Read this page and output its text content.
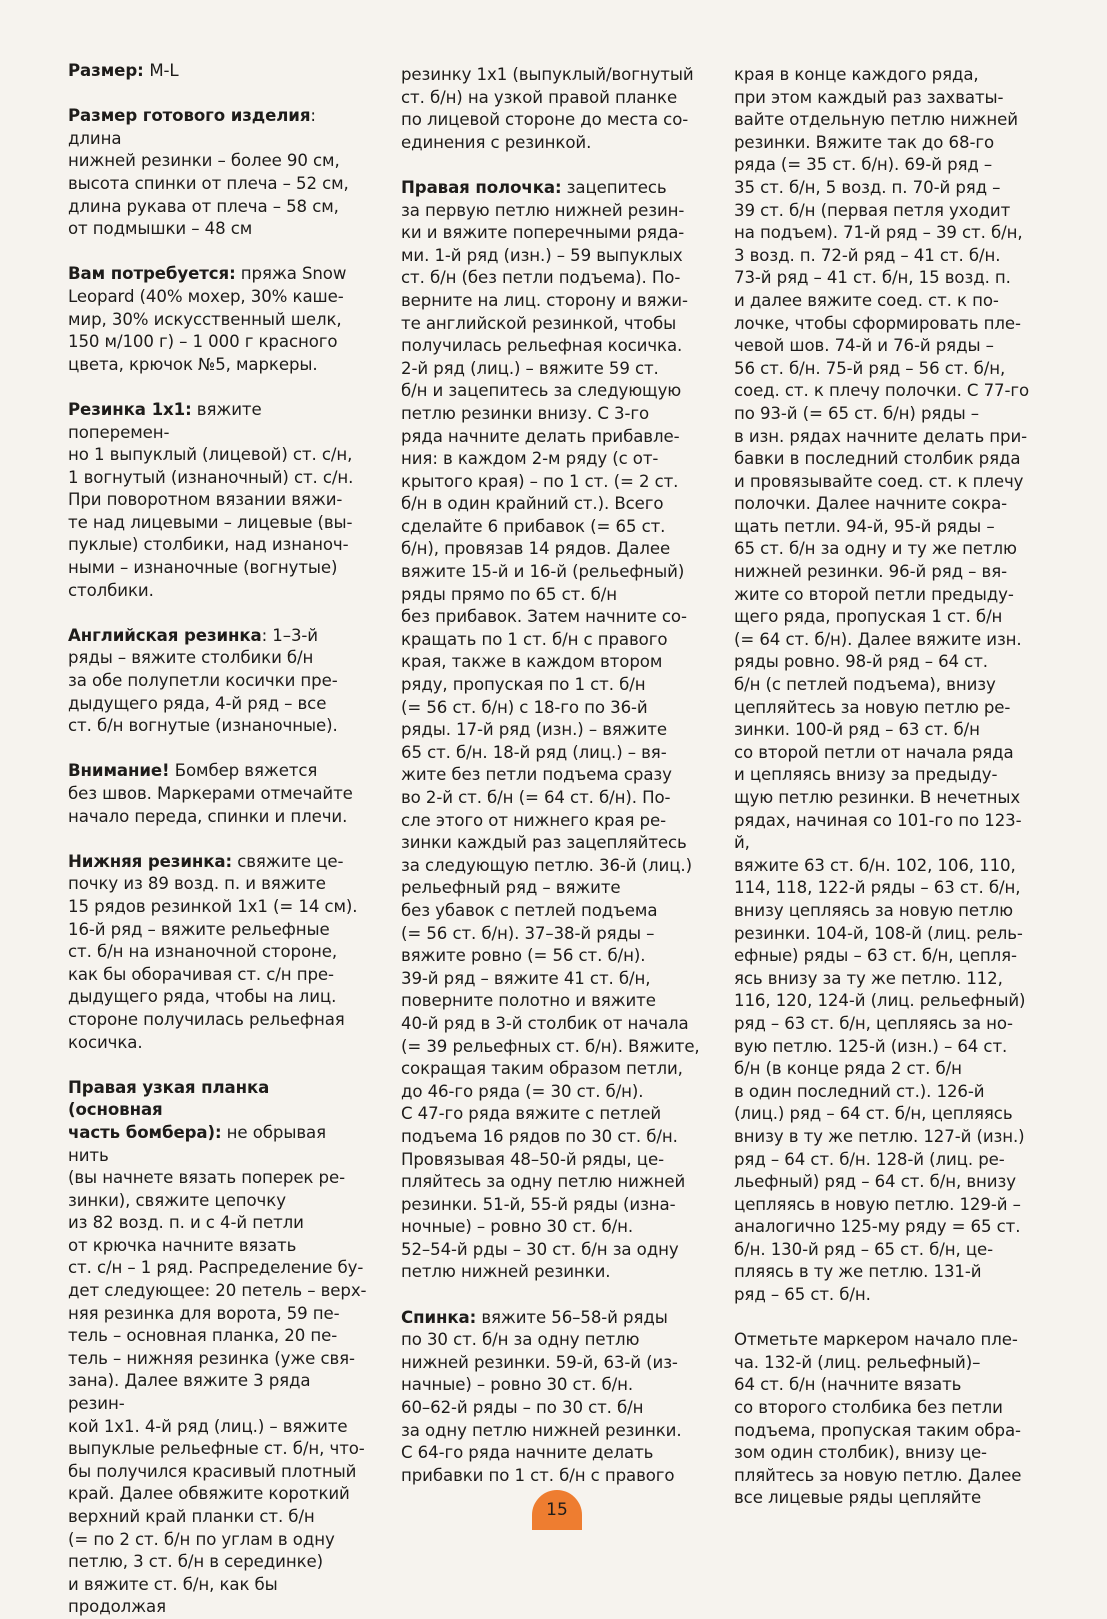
Размер: M-L

Размер готового изделия: длина
нижней резинки – более 90 см,
высота спинки от плеча – 52 см,
длина рукава от плеча – 58 см,
от подмышки – 48 см

Вам потребуется: пряжа Snow
Leopard (40% мохер, 30% каше-
мир, 30% искусственный шелк,
150 м/100 г) – 1 000 г красного
цвета, крючок №5, маркеры.

Резинка 1х1: вяжите поперемен-
но 1 выпуклый (лицевой) ст. с/н,
1 вогнутый (изнаночный) ст. с/н.
При поворотном вязании вяжи-
те над лицевыми – лицевые (вы-
пуклые) столбики, над изнаноч-
ными – изнаночные (вогнутые)
столбики.

Английская резинка: 1–3-й
ряды – вяжите столбики б/н
за обе полупетли косички пре-
дыдущего ряда, 4-й ряд – все
ст. б/н вогнутые (изнаночные).

Внимание! Бомбер вяжется
без швов. Маркерами отмечайте
начало переда, спинки и плечи.

Нижняя резинка: свяжите це-
почку из 89 возд. п. и вяжите
15 рядов резинкой 1х1 (= 14 см).
16-й ряд – вяжите рельефные
ст. б/н на изнаночной стороне,
как бы оборачивая ст. с/н пре-
дыдущего ряда, чтобы на лиц.
стороне получилась рельефная
косичка.

Правая узкая планка (основная
часть бомбера): не обрывая нить
(вы начнете вязать поперек ре-
зинки), свяжите цепочку
из 82 возд. п. и с 4-й петли
от крючка начните вязать
ст. с/н – 1 ряд. Распределение бу-
дет следующее: 20 петель – верх-
няя резинка для ворота, 59 пе-
тель – основная планка, 20 пе-
тель – нижняя резинка (уже свя-
зана). Далее вяжите 3 ряда резин-
кой 1х1. 4-й ряд (лиц.) – вяжите
выпуклые рельефные ст. б/н, что-
бы получился красивый плотный
край. Далее обвяжите короткий
верхний край планки ст. б/н
(= по 2 ст. б/н по углам в одну
петлю, 3 ст. б/н в серединке)
и вяжите ст. б/н, как бы продолжая

резинку 1х1 (выпуклый/вогнутый
ст. б/н) на узкой правой планке
по лицевой стороне до места со-
единения с резинкой.

Правая полочка: зацепитесь
за первую петлю нижней резин-
ки и вяжите поперечными ряда-
ми. 1-й ряд (изн.) – 59 выпуклых
ст. б/н (без петли подъема). По-
верните на лиц. сторону и вяжи-
те английской резинкой, чтобы
получилась рельефная косичка.
2-й ряд (лиц.) – вяжите 59 ст.
б/н и зацепитесь за следующую
петлю резинки внизу. С 3-го
ряда начните делать прибавле-
ния: в каждом 2-м ряду (с от-
крытого края) – по 1 ст. (= 2 ст.
б/н в один крайний ст.). Всего
сделайте 6 прибавок (= 65 ст.
б/н), провязав 14 рядов. Далее
вяжите 15-й и 16-й (рельефный)
ряды прямо по 65 ст. б/н
без прибавок. Затем начните со-
кращать по 1 ст. б/н с правого
края, также в каждом втором
ряду, пропуская по 1 ст. б/н
(= 56 ст. б/н) с 18-го по 36-й
ряды. 17-й ряд (изн.) – вяжите
65 ст. б/н. 18-й ряд (лиц.) – вя-
жите без петли подъема сразу
во 2-й ст. б/н (= 64 ст. б/н). По-
сле этого от нижнего края ре-
зинки каждый раз зацепляйтесь
за следующую петлю. 36-й (лиц.)
рельефный ряд – вяжите
без убавок с петлей подъема
(= 56 ст. б/н). 37–38-й ряды –
вяжите ровно (= 56 ст. б/н).
39-й ряд – вяжите 41 ст. б/н,
поверните полотно и вяжите
40-й ряд в 3-й столбик от начала
(= 39 рельефных ст. б/н). Вяжите,
сокращая таким образом петли,
до 46-го ряда (= 30 ст. б/н).
С 47-го ряда вяжите с петлей
подъема 16 рядов по 30 ст. б/н.
Провязывая 48–50-й ряды, це-
пляйтесь за одну петлю нижней
резинки. 51-й, 55-й ряды (изна-
ночные) – ровно 30 ст. б/н.
52–54-й рды – 30 ст. б/н за одну
петлю нижней резинки.

Спинка: вяжите 56–58-й ряды
по 30 ст. б/н за одну петлю
нижней резинки. 59-й, 63-й (из-
начные) – ровно 30 ст. б/н.
60–62-й ряды – по 30 ст. б/н
за одну петлю нижней резинки.
С 64-го ряда начните делать
прибавки по 1 ст. б/н с правого

края в конце каждого ряда,
при этом каждый раз захваты-
вайте отдельную петлю нижней
резинки. Вяжите так до 68-го
ряда (= 35 ст. б/н). 69-й ряд –
35 ст. б/н, 5 возд. п. 70-й ряд –
39 ст. б/н (первая петля уходит
на подъем). 71-й ряд – 39 ст. б/н,
3 возд. п. 72-й ряд – 41 ст. б/н.
73-й ряд – 41 ст. б/н, 15 возд. п.
и далее вяжите соед. ст. к по-
лочке, чтобы сформировать пле-
чевой шов. 74-й и 76-й ряды –
56 ст. б/н. 75-й ряд – 56 ст. б/н,
соед. ст. к плечу полочки. С 77-го
по 93-й (= 65 ст. б/н) ряды –
в изн. рядах начните делать при-
бавки в последний столбик ряда
и провязывайте соед. ст. к плечу
полочки. Далее начните сокра-
щать петли. 94-й, 95-й ряды –
65 ст. б/н за одну и ту же петлю
нижней резинки. 96-й ряд – вя-
жите со второй петли предыду-
щего ряда, пропуская 1 ст. б/н
(= 64 ст. б/н). Далее вяжите изн.
ряды ровно. 98-й ряд – 64 ст.
б/н (с петлей подъема), внизу
цепляйтесь за новую петлю ре-
зинки. 100-й ряд – 63 ст. б/н
со второй петли от начала ряда
и цепляясь внизу за предыду-
щую петлю резинки. В нечетных
рядах, начиная со 101-го по 123-й,
вяжите 63 ст. б/н. 102, 106, 110,
114, 118, 122-й ряды – 63 ст. б/н,
внизу цепляясь за новую петлю
резинки. 104-й, 108-й (лиц. рель-
ефные) ряды – 63 ст. б/н, цепля-
ясь внизу за ту же петлю. 112,
116, 120, 124-й (лиц. рельефный)
ряд – 63 ст. б/н, цепляясь за но-
вую петлю. 125-й (изн.) – 64 ст.
б/н (в конце ряда 2 ст. б/н
в один последний ст.). 126-й
(лиц.) ряд – 64 ст. б/н, цепляясь
внизу в ту же петлю. 127-й (изн.)
ряд – 64 ст. б/н. 128-й (лиц. ре-
льефный) ряд – 64 ст. б/н, внизу
цепляясь в новую петлю. 129-й –
аналогично 125-му ряду = 65 ст.
б/н. 130-й ряд – 65 ст. б/н, це-
пляясь в ту же петлю. 131-й
ряд – 65 ст. б/н.

Отметьте маркером начало пле-
ча. 132-й (лиц. рельефный)–
64 ст. б/н (начните вязать
со второго столбика без петли
подъема, пропуская таким обра-
зом один столбик), внизу це-
пляйтесь за новую петлю. Далее
все лицевые ряды цепляйте

15
